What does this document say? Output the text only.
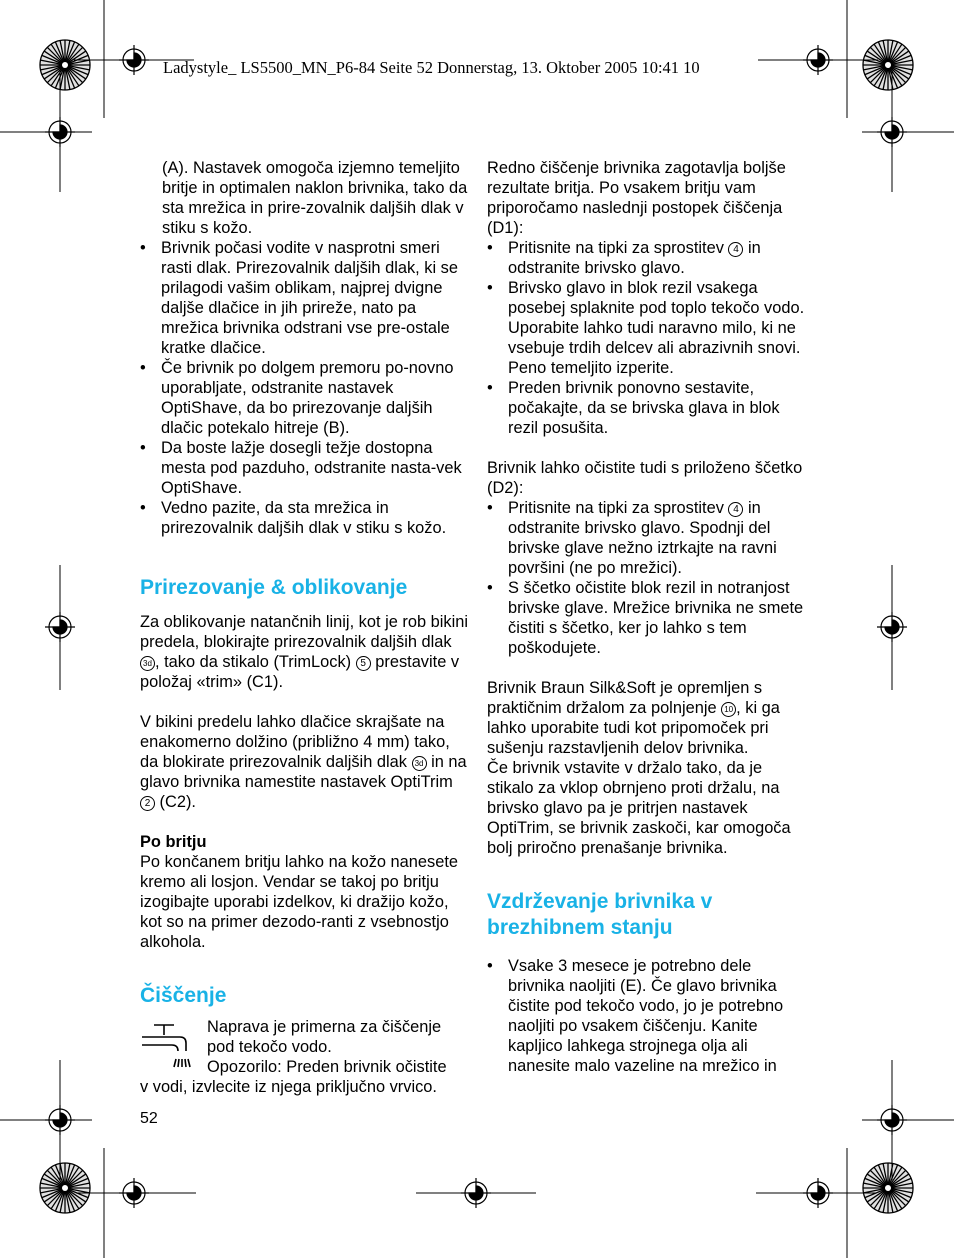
Ladystyle_ LS5500_MN_P6-84 Seite 52 Donnerstag, 13. Oktober 2005 10:41 10

(A). Nastavek omogoča izjemno temeljito britje in optimalen naklon brivnika, tako da sta mrežica in prire-zovalnik daljših dlak v stiku s kožo.

• Brivnik počasi vodite v nasprotni smeri rasti dlak. Prirezovalnik daljših dlak, ki se prilagodi vašim oblikam, najprej dvigne daljše dlačice in jih prireže, nato pa mrežica brivnika odstrani vse pre-ostale kratke dlačice.
• Če brivnik po dolgem premoru po-novno uporabljate, odstranite nastavek OptiShave, da bo prirezovanje daljših dlačic potekalo hitreje (B).
• Da boste lažje dosegli težje dostopna mesta pod pazduho, odstranite nasta-vek OptiShave.
• Vedno pazite, da sta mrežica in prirezovalnik daljših dlak v stiku s kožo.
Prirezovanje & oblikovanje

Za oblikovanje natančnih linij, kot je rob bikini predela, blokirajte prirezovalnik daljših dlak 3d , tako da stikalo (TrimLock) 5 prestavite v položaj «trim» (C1).

V bikini predelu lahko dlačice skrajšate na enakomerno dolžino (približno 4 mm) tako, da blokirate prirezovalnik daljših dlak 3d in na glavo brivnika namestite nastavek OptiTrim 2 (C2).

Po britju

Po končanem britju lahko na kožo nanesete kremo ali losjon. Vendar se takoj po britju izogibajte uporabi izdelkov, ki dražijo kožo, kot so na primer dezodo-ranti z vsebnostjo alkohola.

Čiščenje

Naprava je primerna za čiščenje pod tekočo vodo.

Opozorilo: Preden brivnik očistite

v vodi, izvlecite iz njega priključno vrvico.

Redno čiščenje brivnika zagotavlja boljše rezultate britja. Po vsakem britju vam priporočamo naslednji postopek čiščenja (D1):

• Pritisnite na tipki za sprostitev 4 in odstranite brivsko glavo.
• Brivsko glavo in blok rezil vsakega posebej splaknite pod toplo tekočo vodo. Uporabite lahko tudi naravno milo, ki ne vsebuje trdih delcev ali abrazivnih snovi. Peno temeljito izperite.
• Preden brivnik ponovno sestavite, počakajte, da se brivska glava in blok rezil posušita.

Brivnik lahko očistite tudi s priloženo ščetko (D2):

• Pritisnite na tipki za sprostitev 4 in odstranite brivsko glavo. Spodnji del brivske glave nežno iztrkajte na ravni površini (ne po mrežici).
• S ščetko očistite blok rezil in notranjost brivske glave. Mrežice brivnika ne smete čistiti s ščetko, ker jo lahko s tem poškodujete.

Brivnik Braun Silk&Soft je opremljen s praktičnim držalom za polnjenje 10 , ki ga lahko uporabite tudi kot pripomoček pri sušenju razstavljenih delov brivnika.

Če brivnik vstavite v držalo tako, da je stikalo za vklop obrnjeno proti držalu, na brivsko glavo pa je pritrjen nastavek OptiTrim, se brivnik zaskoči, kar omogoča bolj priročno prenašanje brivnika.

Vzdrževanje brivnika v brezhibnem stanju
• Vsake 3 mesece je potrebno dele brivnika naoljiti (E). Če glavo brivnika čistite pod tekočo vodo, jo je potrebno naoljiti po vsakem čiščenju. Kanite kapljico lahkega strojnega olja ali nanesite malo vazeline na mrežico in
52
